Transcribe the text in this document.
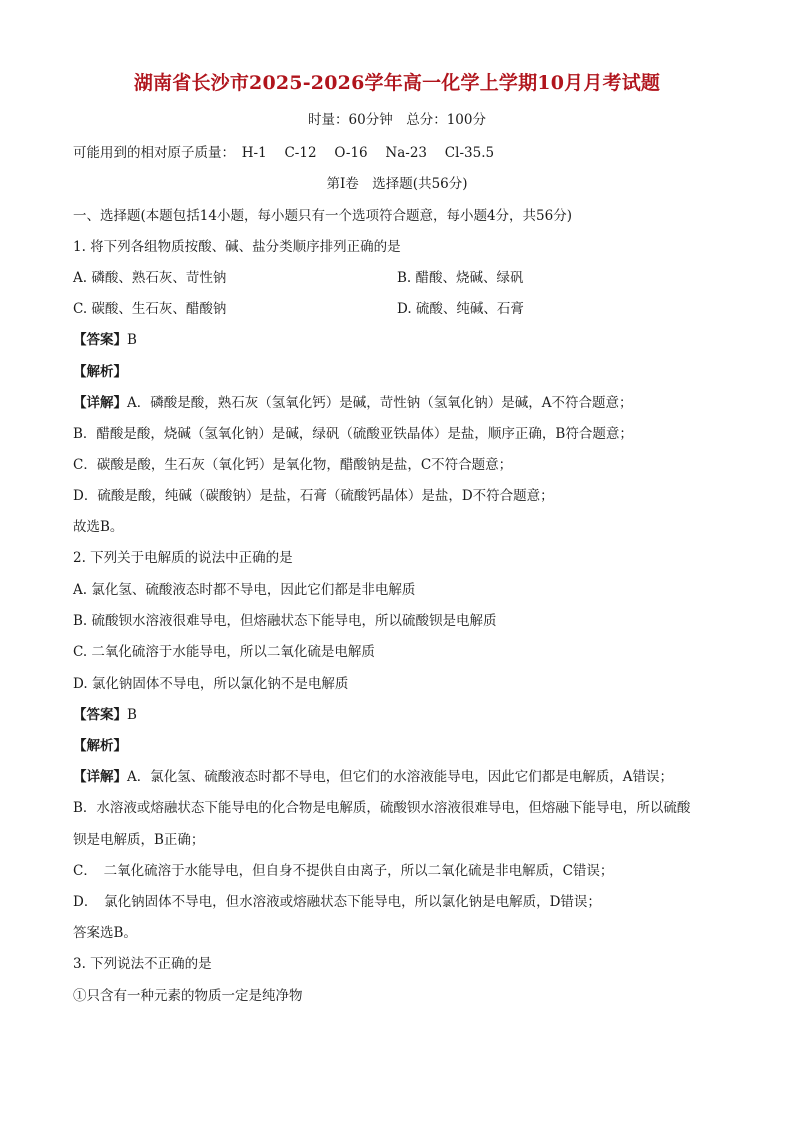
湖南省长沙市2025-2026学年高一化学上学期10月月考试题
时量：60分钟　总分：100分
可能用到的相对原子质量：　H-1　 C-12　 O-16　 Na-23　 Cl-35.5
第Ⅰ卷　选择题(共56分)
一、选择题(本题包括14小题，每小题只有一个选项符合题意，每小题4分，共56分)
1. 将下列各组物质按酸、碱、盐分类顺序排列正确的是
A. 磷酸、熟石灰、苛性钠	B. 醋酸、烧碱、绿矾
C. 碳酸、生石灰、醋酸钠	D. 硫酸、纯碱、石膏
【答案】B
【解析】
【详解】A．磷酸是酸，熟石灰（氢氧化钙）是碱，苛性钠（氢氧化钠）是碱，A不符合题意；
B．醋酸是酸，烧碱（氢氧化钠）是碱，绿矾（硫酸亚铁晶体）是盐，顺序正确，B符合题意；
C．碳酸是酸，生石灰（氧化钙）是氧化物，醋酸钠是盐，C不符合题意；
D．硫酸是酸，纯碱（碳酸钠）是盐，石膏（硫酸钙晶体）是盐，D不符合题意；
故选B。
2. 下列关于电解质的说法中正确的是
A. 氯化氢、硫酸液态时都不导电，因此它们都是非电解质
B. 硫酸钡水溶液很难导电，但熔融状态下能导电，所以硫酸钡是电解质
C. 二氧化硫溶于水能导电，所以二氧化硫是电解质
D. 氯化钠固体不导电，所以氯化钠不是电解质
【答案】B
【解析】
【详解】A．氯化氢、硫酸液态时都不导电，但它们的水溶液能导电，因此它们都是电解质，A错误；
B．水溶液或熔融状态下能导电的化合物是电解质，硫酸钡水溶液很难导电，但熔融下能导电，所以硫酸
钡是电解质，B正确；
C．　二氧化硫溶于水能导电，但自身不提供自由离子，所以二氧化硫是非电解质，C错误；
D．　氯化钠固体不导电，但水溶液或熔融状态下能导电，所以氯化钠是电解质，D错误；
答案选B。
3. 下列说法不正确的是
①只含有一种元素的物质一定是纯净物
